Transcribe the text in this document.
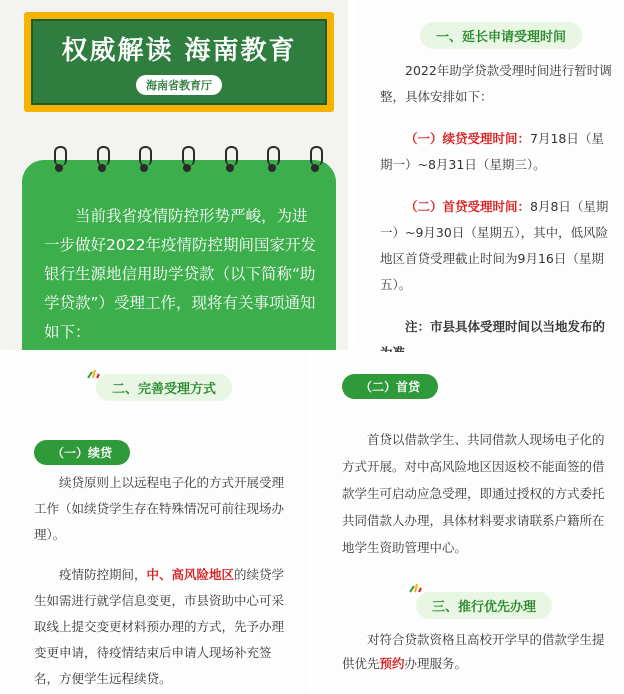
权威解读 海南教育
海南省教育厅

当前我省疫情防控形势严峻，为进一步做好2022年疫情防控期间国家开发银行生源地信用助学贷款（以下简称“助学贷款”）受理工作，现将有关事项通知如下：

一、延长申请受理时间

2022年助学贷款受理时间进行暂时调整，具体安排如下：

（一）续贷受理时间：7月18日（星期一）~8月31日（星期三）。

（二）首贷受理时间：8月8日（星期一）~9月30日（星期五），其中，低风险地区首贷受理截止时间为9月16日（星期五）。

注：市县具体受理时间以当地发布的

二、完善受理方式
（一）续贷

续贷原则上以远程电子化的方式开展受理工作（如续贷学生存在特殊情况可前往现场办理）。

疫情防控期间，中、高风险地区的续贷学生如需进行就学信息变更，市县资助中心可采取线上提交变更材料预办理的方式，先予办理变更申请，待疫情结束后申请人现场补充签名，方便学生远程续贷。

（二）首贷

首贷以借款学生、共同借款人现场电子化的方式开展。对中高风险地区因返校不能面签的借款学生可启动应急受理，即通过授权的方式委托共同借款人办理，具体材料要求请联系户籍所在地学生资助管理中心。

三、推行优先办理

对符合贷款资格且高校开学早的借款学生提供优先预约办理服务。
